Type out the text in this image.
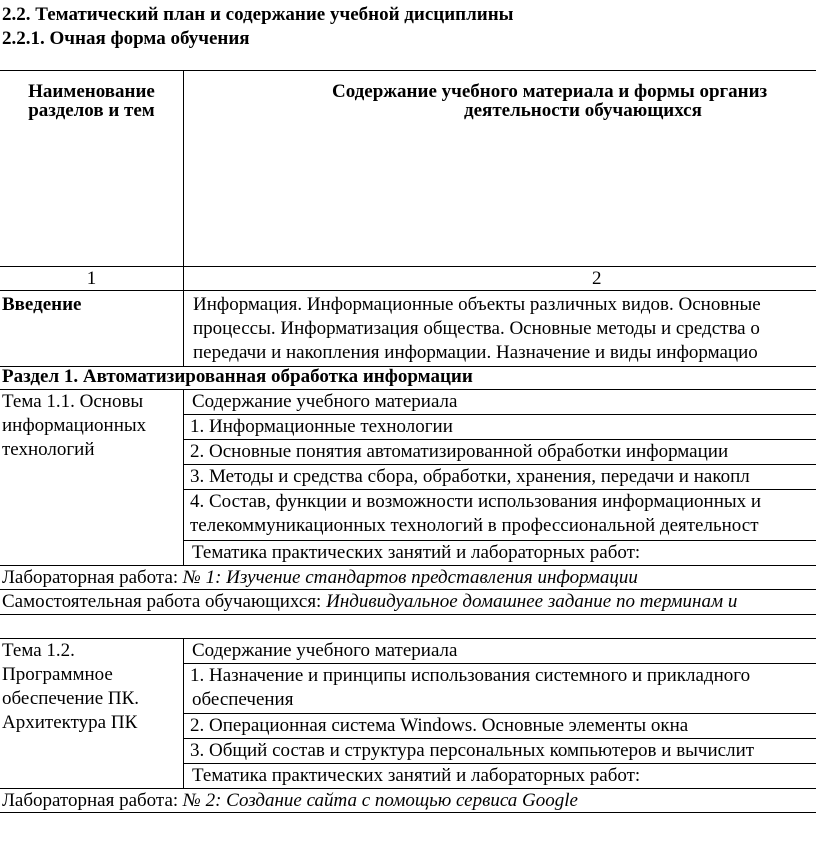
2.2. Тематический план и содержание учебной дисциплины
2.2.1. Очная форма обучения
Наименование
разделов и тем
Содержание учебного материала и формы организ
деятельности обучающихся
1	2
Введение	Информация. Информационные объекты различных видов. Основные
процессы. Информатизация общества. Основные методы и средства о
передачи и накопления информации. Назначение и виды информацио
Раздел 1. Автоматизированная обработка информации
Тема 1.1. Основы
информационных
технологий
Содержание учебного материала
1. Информационные технологии
2. Основные понятия автоматизированной обработки информации
3. Методы и средства сбора, обработки, хранения, передачи и накопл
4. Состав, функции и возможности использования информационных и
телекоммуникационных технологий в профессиональной деятельност
Тематика практических занятий и лабораторных работ:
Лабораторная работа: № 1: Изучение стандартов представления информации
Самостоятельная работа обучающихся: Индивидуальное домашнее задание по терминам и
Тема 1.2.
Программное
обеспечение ПК.
Архитектура ПК
Содержание учебного материала
1. Назначение и принципы использования системного и прикладного
обеспечения
2. Операционная система Windows. Основные элементы окна
3. Общий состав и структура персональных компьютеров и вычислит
Тематика практических занятий и лабораторных работ:
Лабораторная работа: № 2: Создание сайта с помощью сервиса Google
